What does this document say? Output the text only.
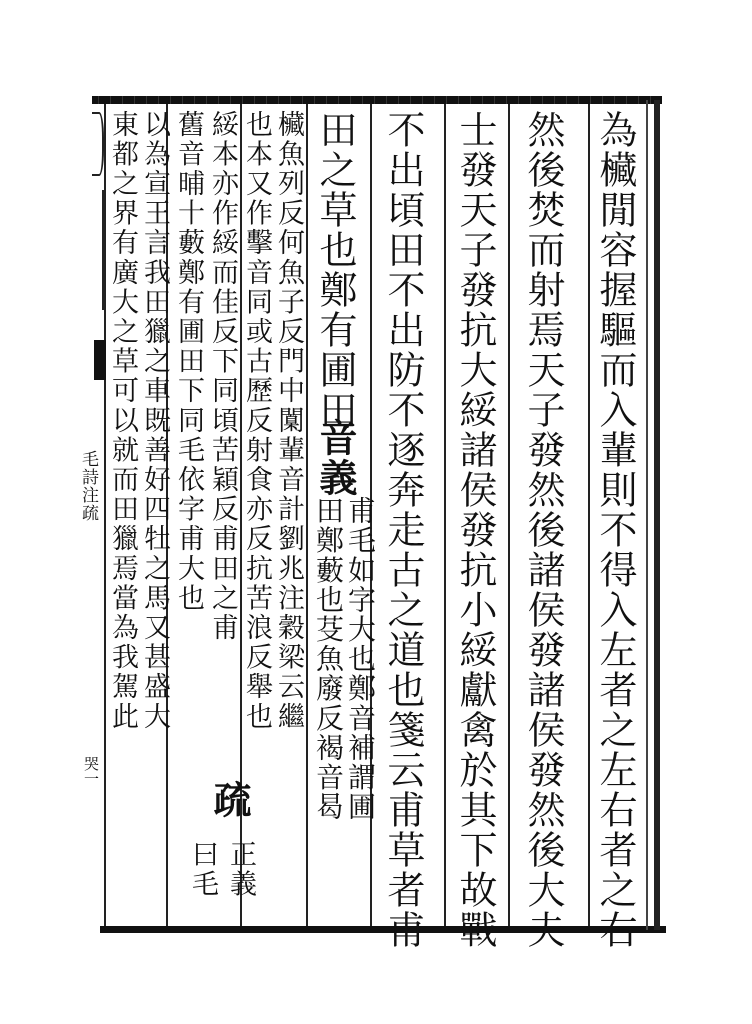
毛詩注疏
哭一	為欌閒容握驅而入輩則不得入左者之左右者之右
然後焚而射焉天子發然後諸侯發諸侯發然後大夫
士發天子發抗大綏諸侯發抗小綏獻禽於其下故戰
不出頃田不出防不逐奔走古之道也箋云甫草者甫
田之草也鄭有圃田
音義
甫毛如字大也鄭音補謂圃
田鄭藪也芟魚廢反褐音曷
欌魚列反何魚子反門中闑輩音計劉兆注穀梁云繼
也本又作擊音同或古歷反射食亦反抗苦浪反舉也
綏本亦作綏而佳反下同頃苦穎反甫田之甫
疏
正義
舊音晡十藪鄭有圃田下同毛依字甫大也
曰毛
以為宣王言我田獵之車既善好四牡之馬又甚盛大
東都之界有廣大之草可以就而田獵焉當為我駕此
